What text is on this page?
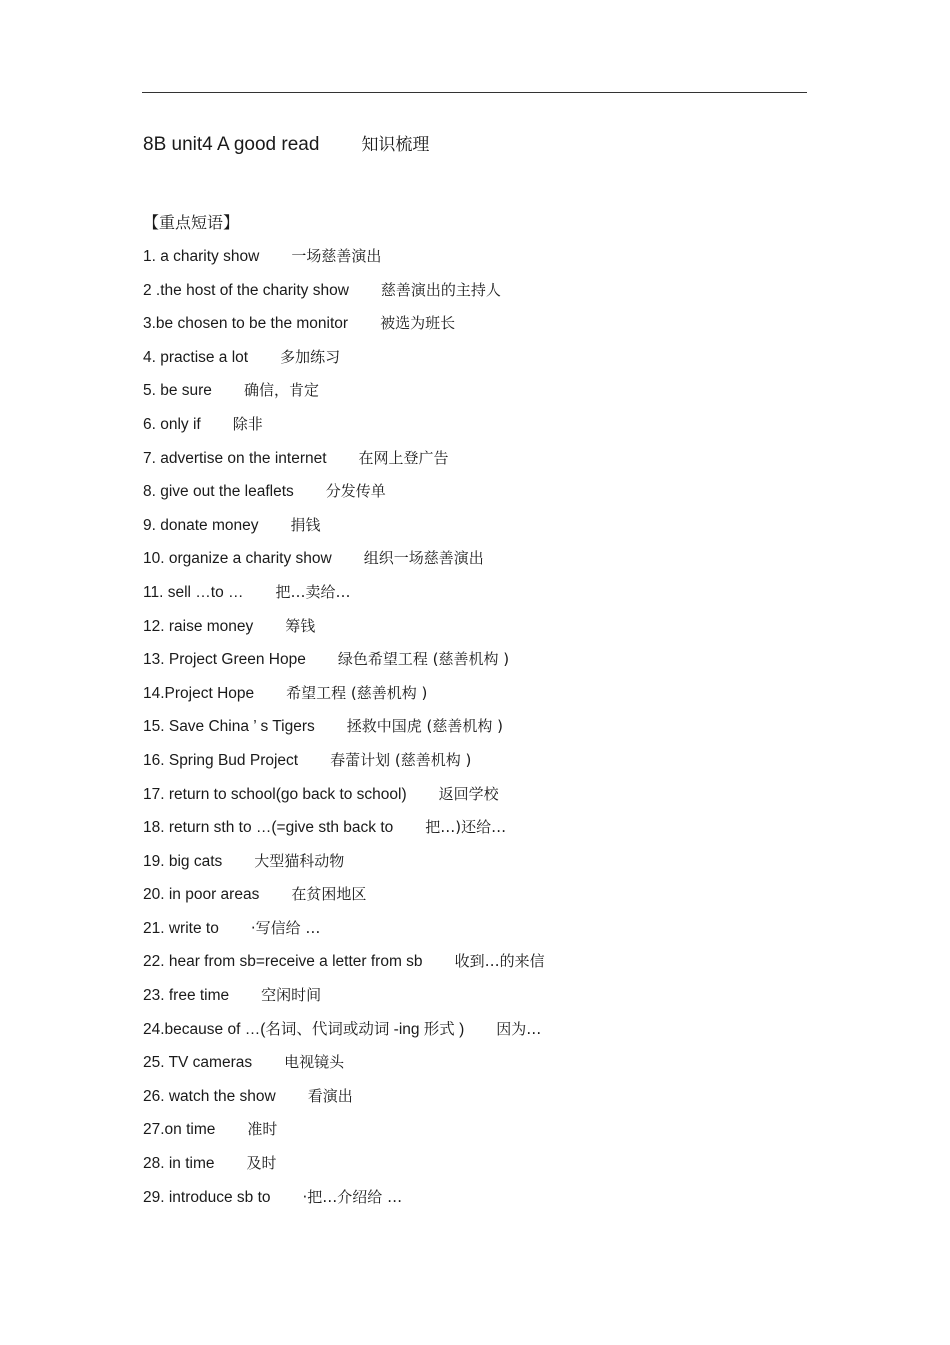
8B unit4 A good read 知识梳理
【重点短语】
1. a charity show 一场慈善演出
2 .the host of the charity show 慈善演出的主持人
3.be chosen to be the monitor 被选为班长
4. practise a lot 多加练习
5. be sure 确信，肯定
6. only if 除非
7. advertise on the internet 在网上登广告
8. give out the leaflets 分发传单
9. donate money 捐钱
10. organize a charity show 组织一场慈善演出
11. sell …to … 把…卖给…
12. raise money 筹钱
13. Project Green Hope 绿色希望工程 (慈善机构 )
14.Project Hope 希望工程 (慈善机构 )
15. Save China ’ s Tigers 拯救中国虎 (慈善机构 )
16. Spring Bud Project 春蕾计划 (慈善机构 )
17. return to school(go back to school) 返回学校
18. return sth to …(=give sth back to 把…)还给…
19. big cats 大型猫科动物
20. in poor areas 在贫困地区
21. write to ·写信给 …
22. hear from sb=receive a letter from sb 收到…的来信
23. free time 空闲时间
24.because of …(名词、代词或动词 -ing 形式 ) 因为…
25. TV cameras 电视镜头
26. watch the show 看演出
27.on time 准时
28. in time 及时
29. introduce sb to ·把…介绍给 …
